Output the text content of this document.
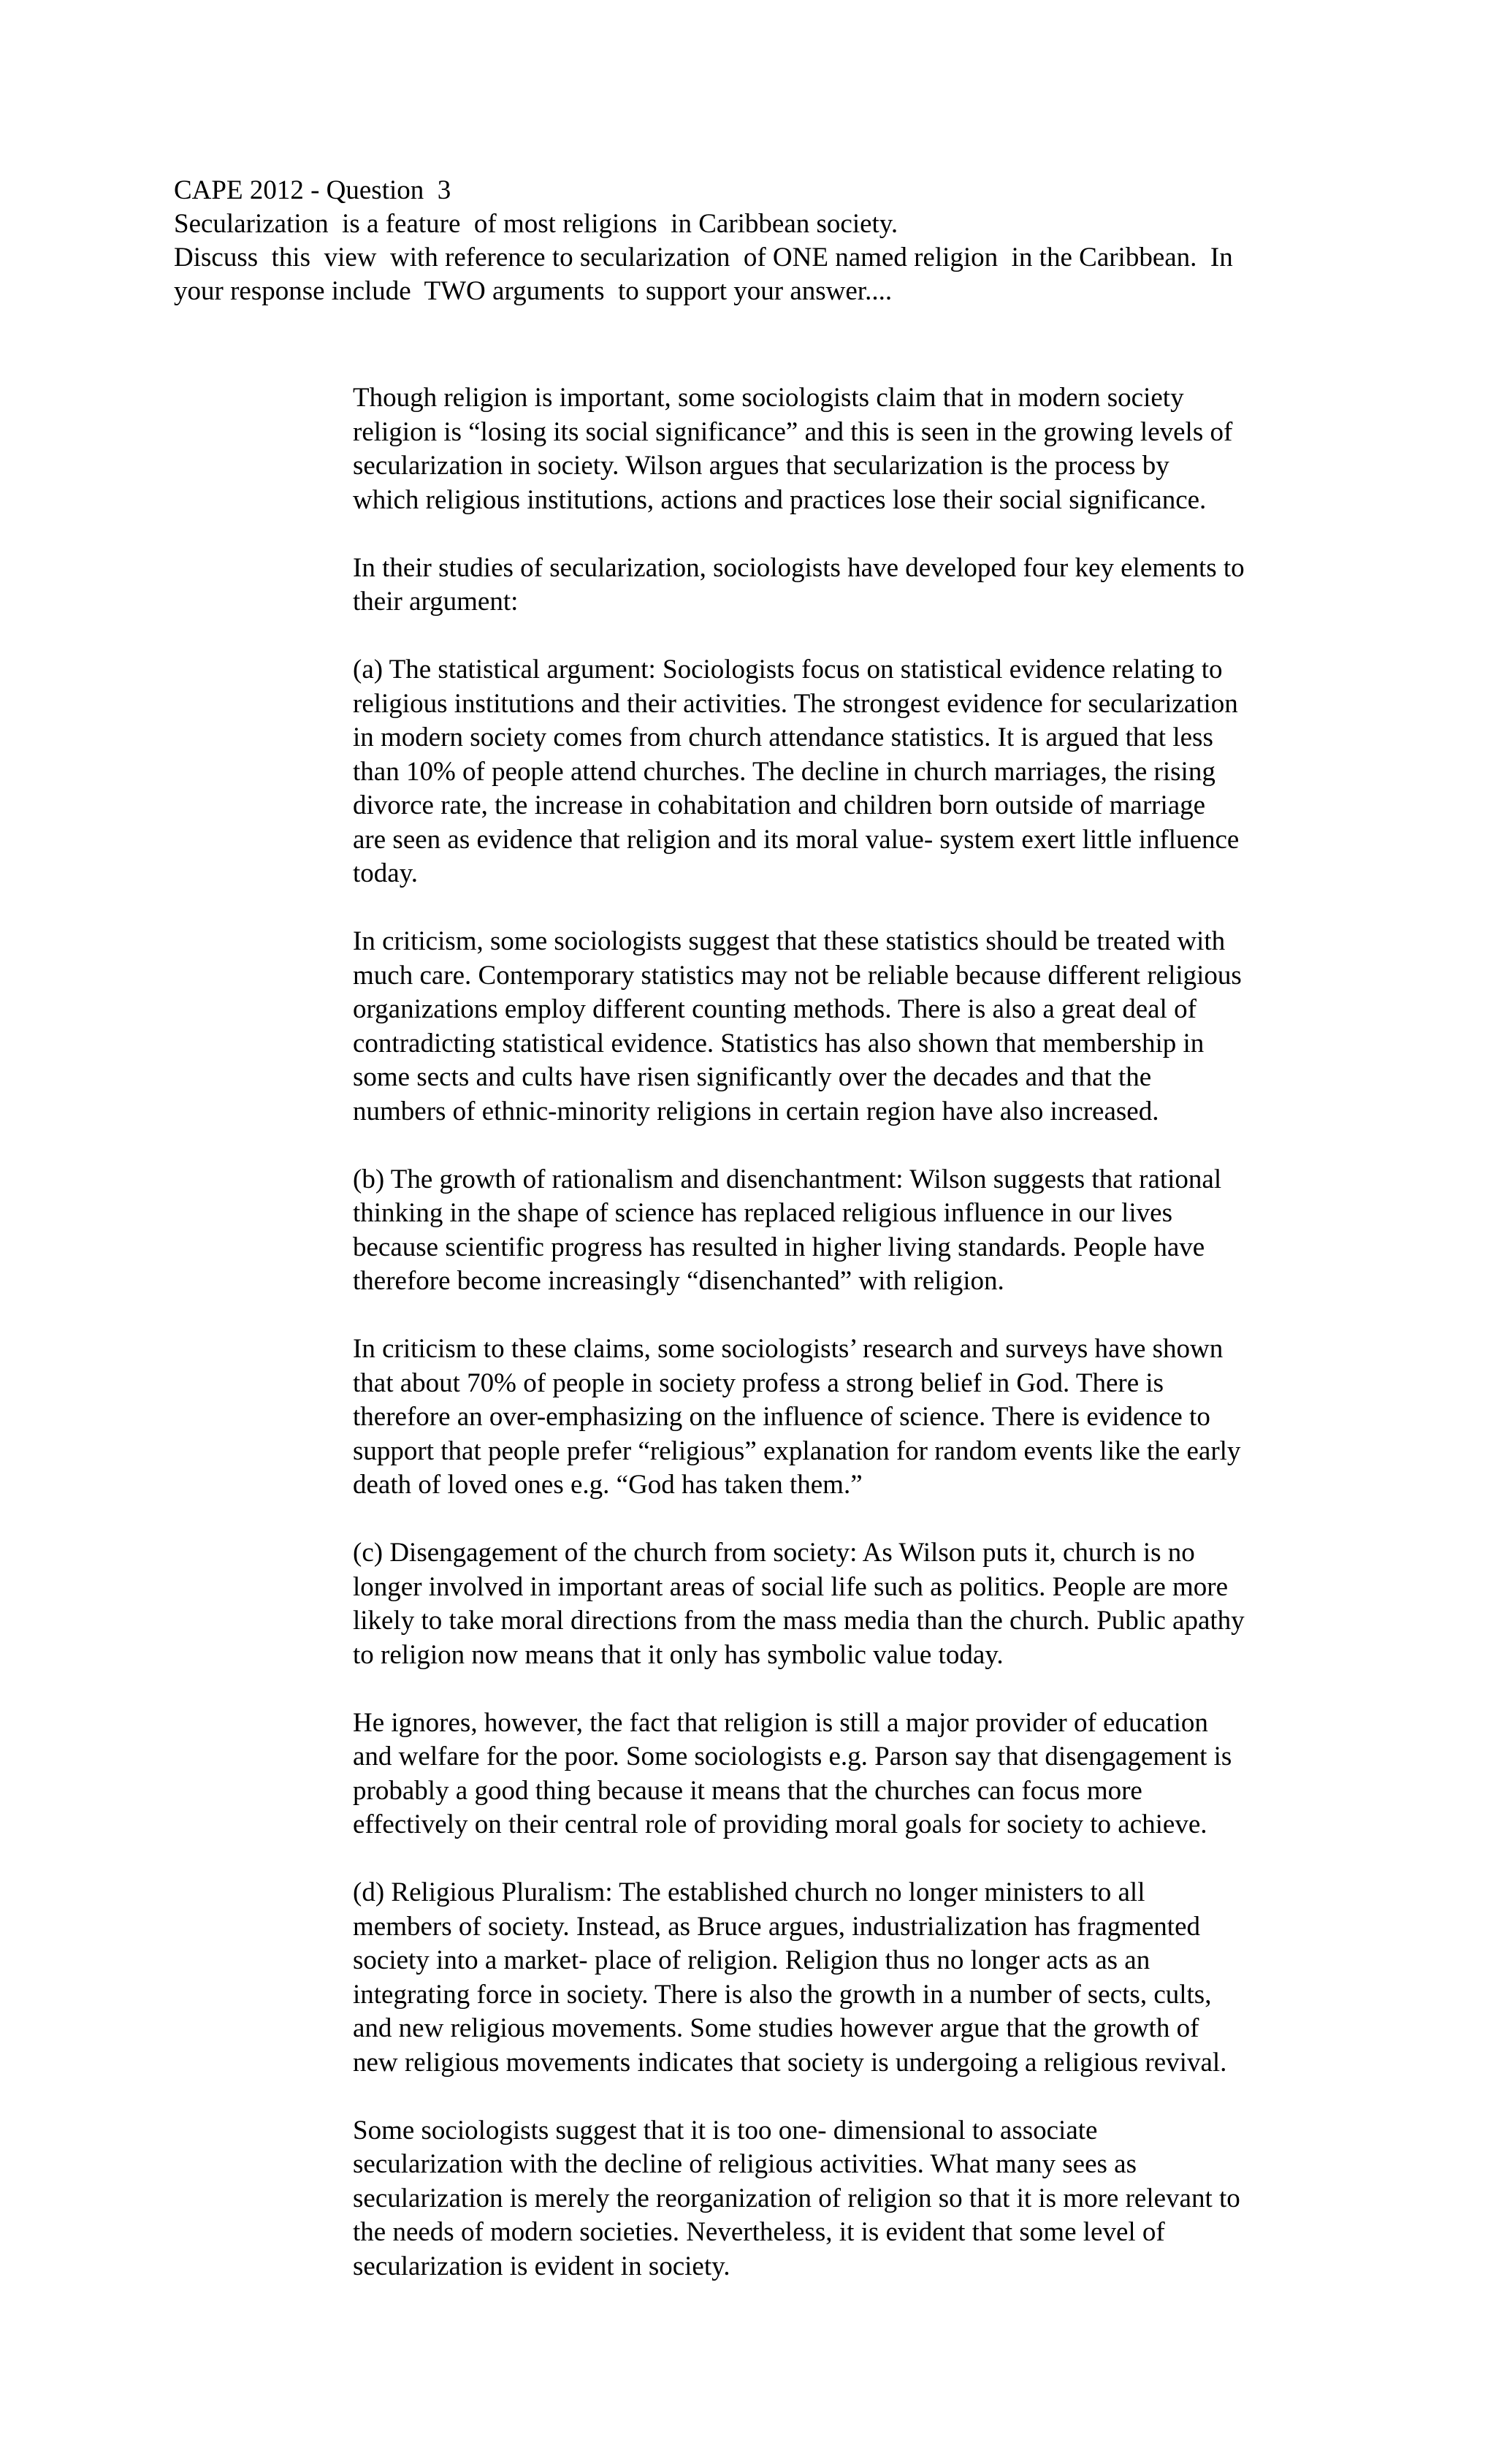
CAPE 2012 - Question  3
Secularization  is a feature  of most religions  in Caribbean society.
Discuss  this  view  with reference to secularization  of ONE named religion  in the Caribbean.  In
your response include  TWO arguments  to support your answer....
Though religion is important, some sociologists claim that in modern society
religion is “losing its social significance” and this is seen in the growing levels of
secularization in society. Wilson argues that secularization is the process by
which religious institutions, actions and practices lose their social significance.
In their studies of secularization, sociologists have developed four key elements to
their argument:
(a) The statistical argument: Sociologists focus on statistical evidence relating to
religious institutions and their activities. The strongest evidence for secularization
in modern society comes from church attendance statistics. It is argued that less
than 10% of people attend churches. The decline in church marriages, the rising
divorce rate, the increase in cohabitation and children born outside of marriage
are seen as evidence that religion and its moral value- system exert little influence
today.
In criticism, some sociologists suggest that these statistics should be treated with
much care. Contemporary statistics may not be reliable because different religious
organizations employ different counting methods. There is also a great deal of
contradicting statistical evidence. Statistics has also shown that membership in
some sects and cults have risen significantly over the decades and that the
numbers of ethnic-minority religions in certain region have also increased.
(b) The growth of rationalism and disenchantment: Wilson suggests that rational
thinking in the shape of science has replaced religious influence in our lives
because scientific progress has resulted in higher living standards. People have
therefore become increasingly “disenchanted” with religion.
In criticism to these claims, some sociologists’ research and surveys have shown
that about 70% of people in society profess a strong belief in God. There is
therefore an over-emphasizing on the influence of science. There is evidence to
support that people prefer “religious” explanation for random events like the early
death of loved ones e.g. “God has taken them.”
(c) Disengagement of the church from society: As Wilson puts it, church is no
longer involved in important areas of social life such as politics. People are more
likely to take moral directions from the mass media than the church. Public apathy
to religion now means that it only has symbolic value today.
He ignores, however, the fact that religion is still a major provider of education
and welfare for the poor. Some sociologists e.g. Parson say that disengagement is
probably a good thing because it means that the churches can focus more
effectively on their central role of providing moral goals for society to achieve.
(d) Religious Pluralism: The established church no longer ministers to all
members of society. Instead, as Bruce argues, industrialization has fragmented
society into a market- place of religion. Religion thus no longer acts as an
integrating force in society. There is also the growth in a number of sects, cults,
and new religious movements. Some studies however argue that the growth of
new religious movements indicates that society is undergoing a religious revival.
Some sociologists suggest that it is too one- dimensional to associate
secularization with the decline of religious activities. What many sees as
secularization is merely the reorganization of religion so that it is more relevant to
the needs of modern societies. Nevertheless, it is evident that some level of
secularization is evident in society.
